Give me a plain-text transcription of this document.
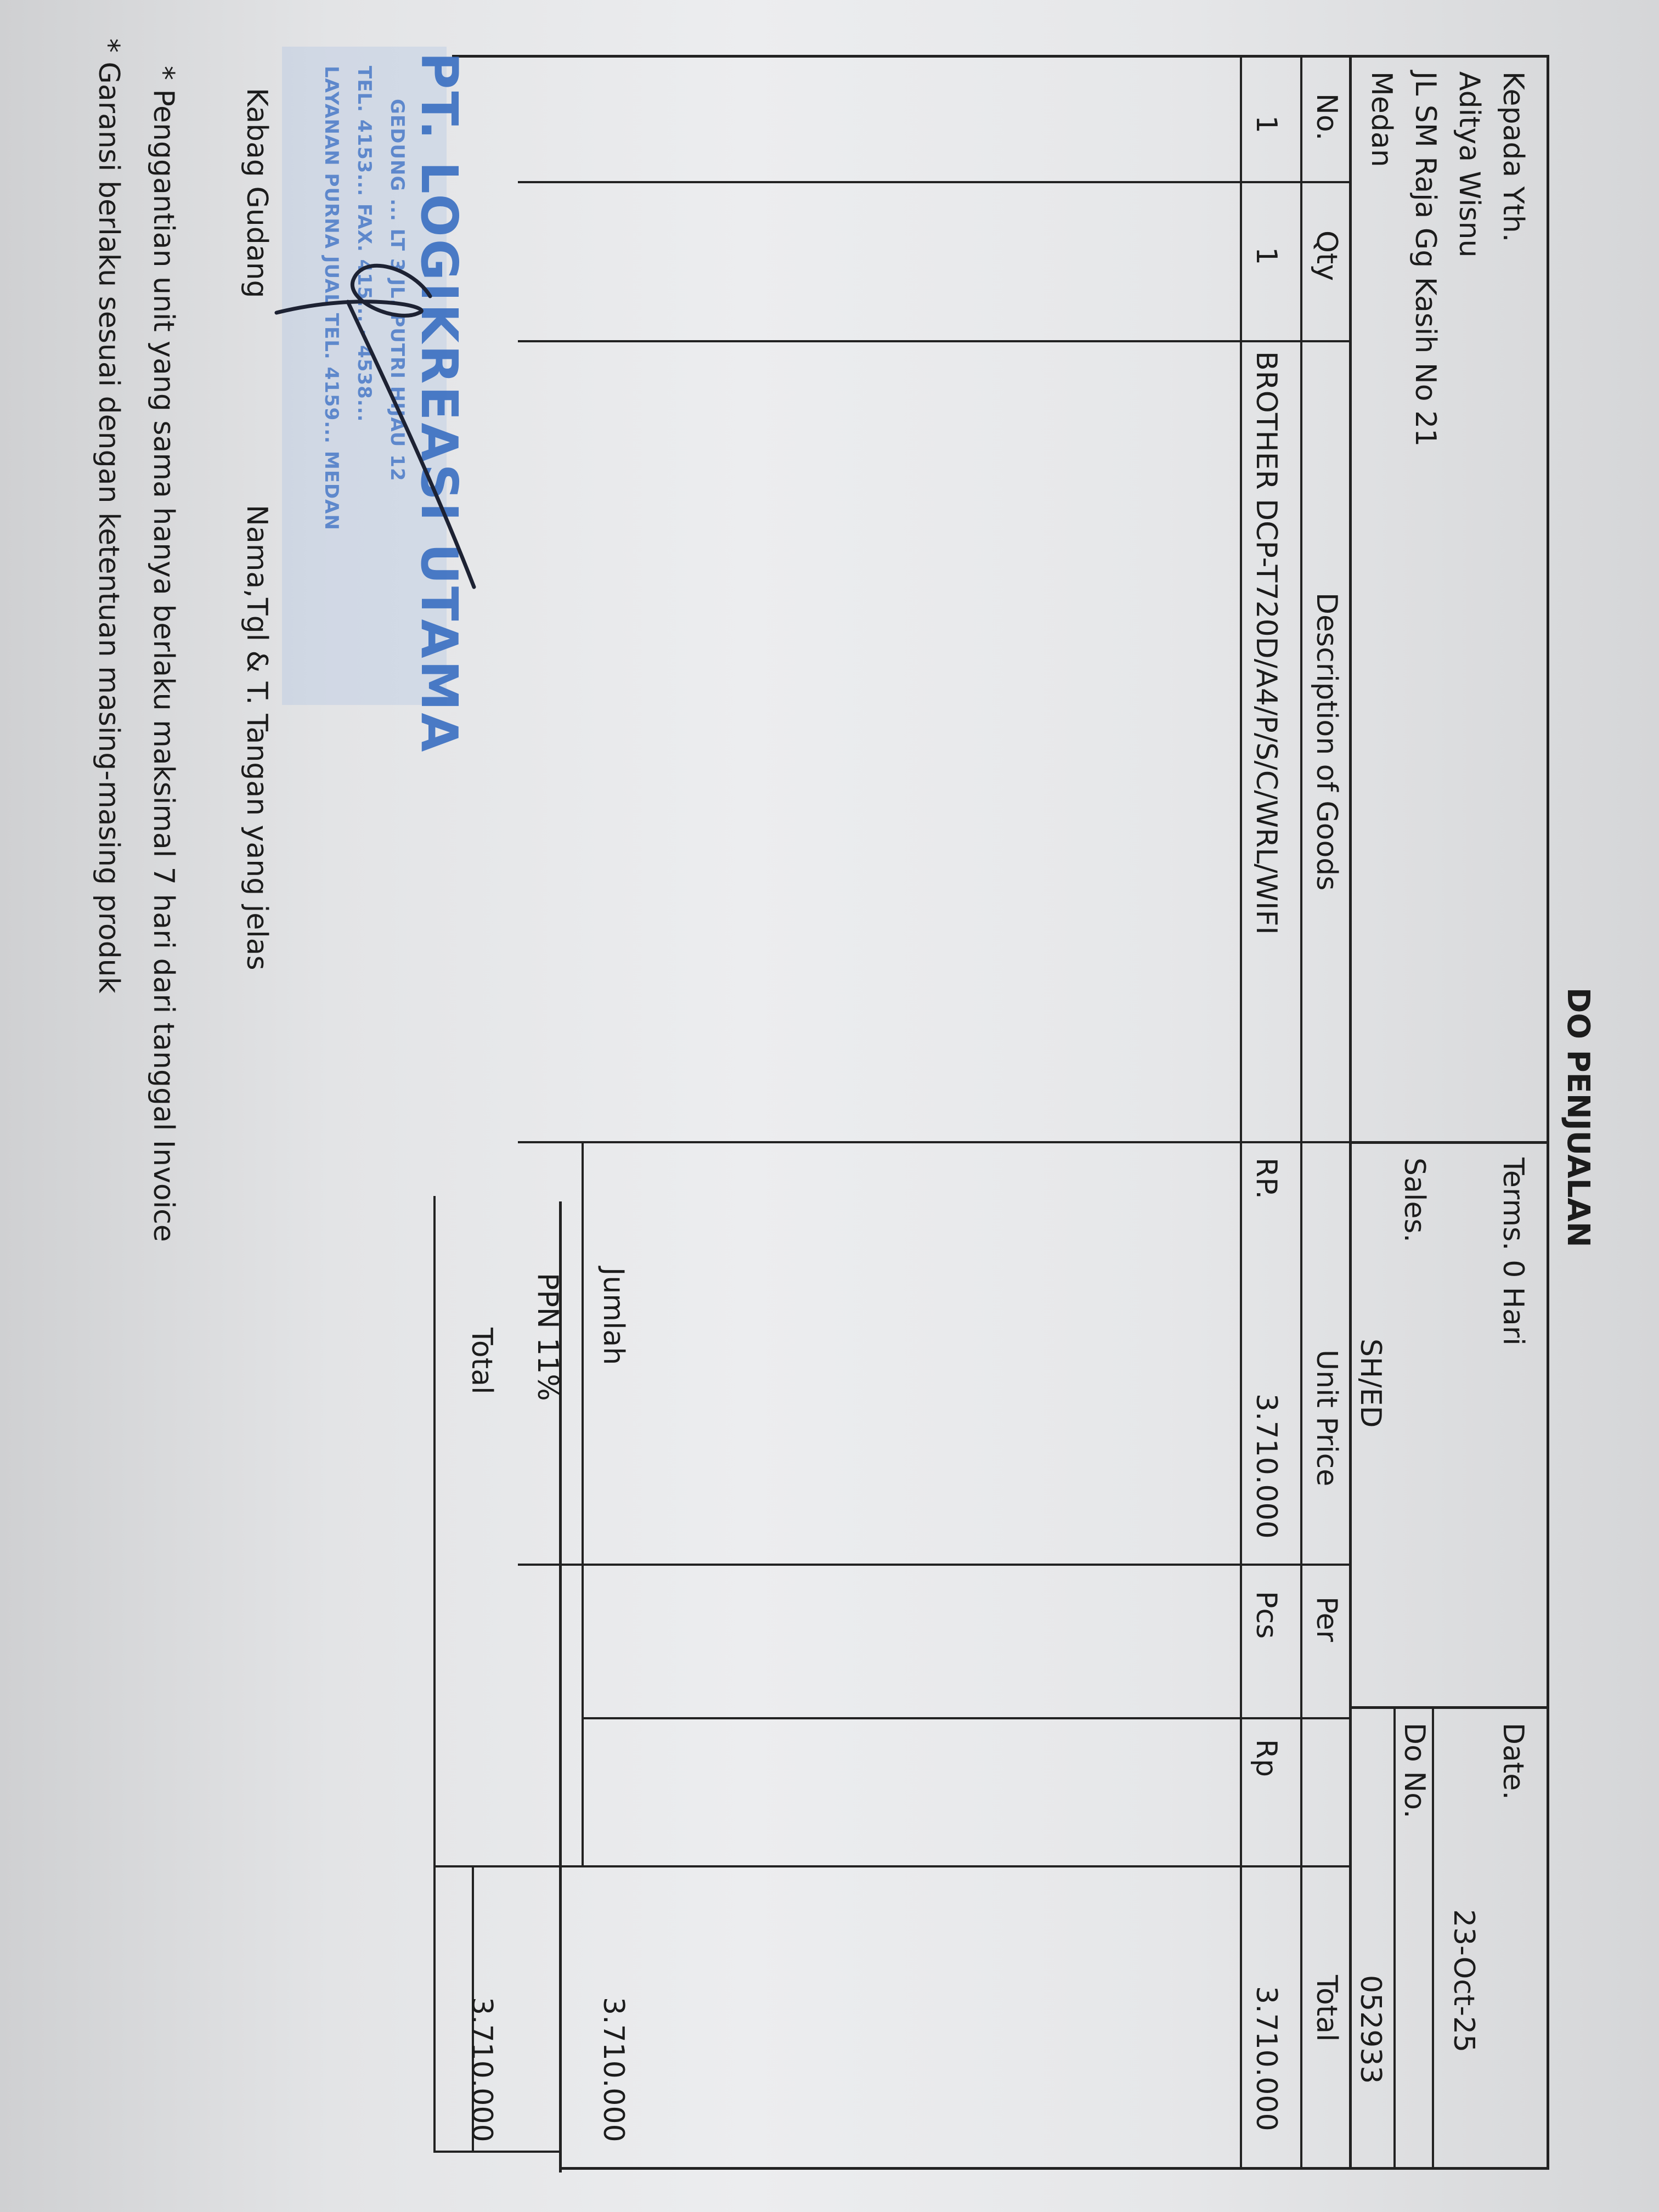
DO PENJUALAN
Kepada Yth.
Aditya Wisnu
JL SM Raja Gg Kasih No 21
Medan
Terms. 0 Hari
Sales.
SH/ED
Date.
23-Oct-25
Do No.
052933
No.
Qty
Description of Goods
Unit Price
Per
Total
1
1
BROTHER DCP-T720D/A4/P/S/C/WRL/WIFI
RP.
3.710.000
Pcs
Rp
3.710.000
Jumlah
3.710.000
PPN 11%
Total
3.710.000
PT. LOGIKREASI UTAMA
GEDUNG ... LT 3 JL. PUTRI HIJAU 12
TEL. 4153... FAX. 415... - 4538...
LAYANAN PURNA JUAL TEL. 4159... MEDAN
Kabag Gudang
Nama,Tgl & T. Tangan yang jelas
* Penggantian unit yang sama hanya berlaku maksimal 7 hari dari tanggal Invoice
* Garansi berlaku sesuai dengan ketentuan masing-masing produk
